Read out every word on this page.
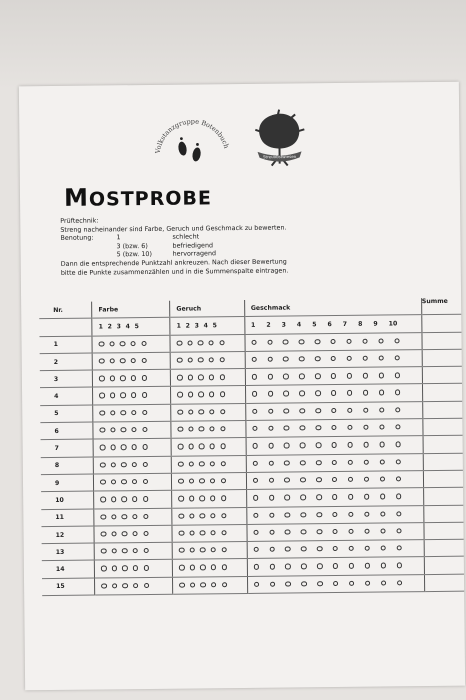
Volkstanzgruppe Botenbuch
Streuobstwiesen
MOSTPROBE
Prüftechnik:
Streng nacheinander sind Farbe, Geruch und Geschmack zu bewerten.
Benotung:	1	schlecht
3 (bzw. 6)	befriedigend
5 (bzw. 10)	hervorragend
Dann die entsprechende Punktzahl ankreuzen. Nach dieser Bewertung
bitte die Punkte zusammenzählen und in die Summenspalte eintragen.
Nr.	Farbe	Geruch	Geschmack	Summe
	1 2 3 4 5	1 2 3 4 5	1 2 3 4 5 6 7 8 9 10	
1				
2				
3				
4				
5				
6				
7				
8				
9				
10				
11				
12				
13				
14				
15				
